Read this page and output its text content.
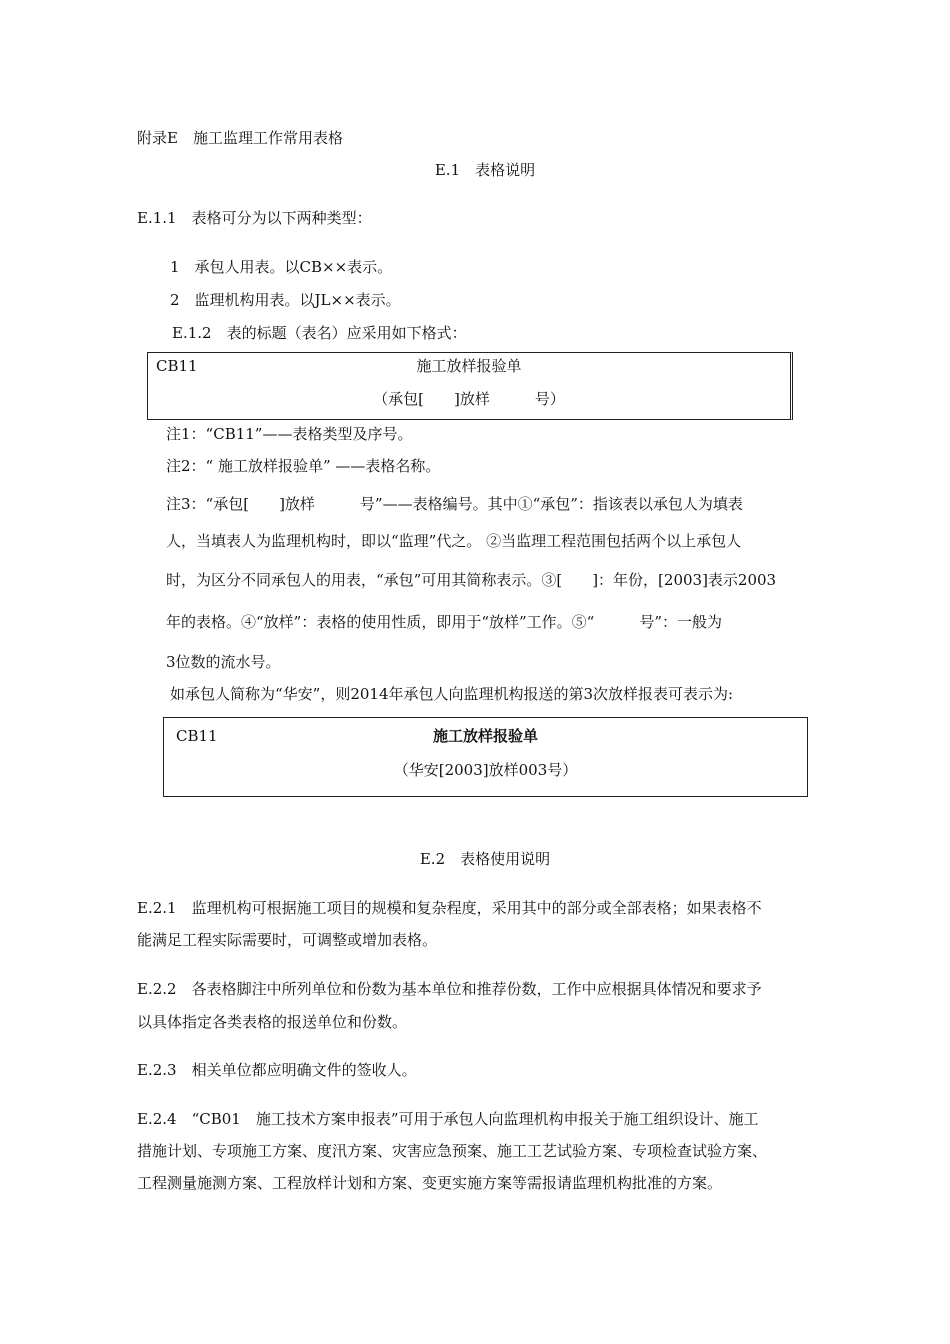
附录E　施工监理工作常用表格

E.1　表格说明

E.1.1　表格可分为以下两种类型：

1　承包人用表。以CB××表示。

2　监理机构用表。以JL××表示。

E.1.2　表的标题（表名）应采用如下格式：

CB11	施工放样报验单
（承包[　　]放样　　　号）

注1：“CB11”——表格类型及序号。

注2：“ 施工放样报验单” ——表格名称。

注3：“承包[　　]放样　　　号”——表格编号。其中①“承包”：指该表以承包人为填表

人，当填表人为监理机构时，即以“监理”代之。 ②当监理工程范围包括两个以上承包人

时，为区分不同承包人的用表，“承包”可用其简称表示。③[　　]：年份，[2003]表示2003

年的表格。④“放样”：表格的使用性质，即用于“放样”工作。⑤“　　　号”：一般为

3位数的流水号。

如承包人简称为“华安”，则2014年承包人向监理机构报送的第3次放样报表可表示为:

CB11	施工放样报验单
（华安[2003]放样003号）

E.2　表格使用说明

E.2.1　监理机构可根据施工项目的规模和复杂程度，采用其中的部分或全部表格；如果表格不

能满足工程实际需要时，可调整或增加表格。

E.2.2　各表格脚注中所列单位和份数为基本单位和推荐份数，工作中应根据具体情况和要求予

以具体指定各类表格的报送单位和份数。

E.2.3　相关单位都应明确文件的签收人。

E.2.4　“CB01　施工技术方案申报表”可用于承包人向监理机构申报关于施工组织设计、施工

措施计划、专项施工方案、度汛方案、灾害应急预案、施工工艺试验方案、专项检查试验方案、

工程测量施测方案、工程放样计划和方案、变更实施方案等需报请监理机构批准的方案。
